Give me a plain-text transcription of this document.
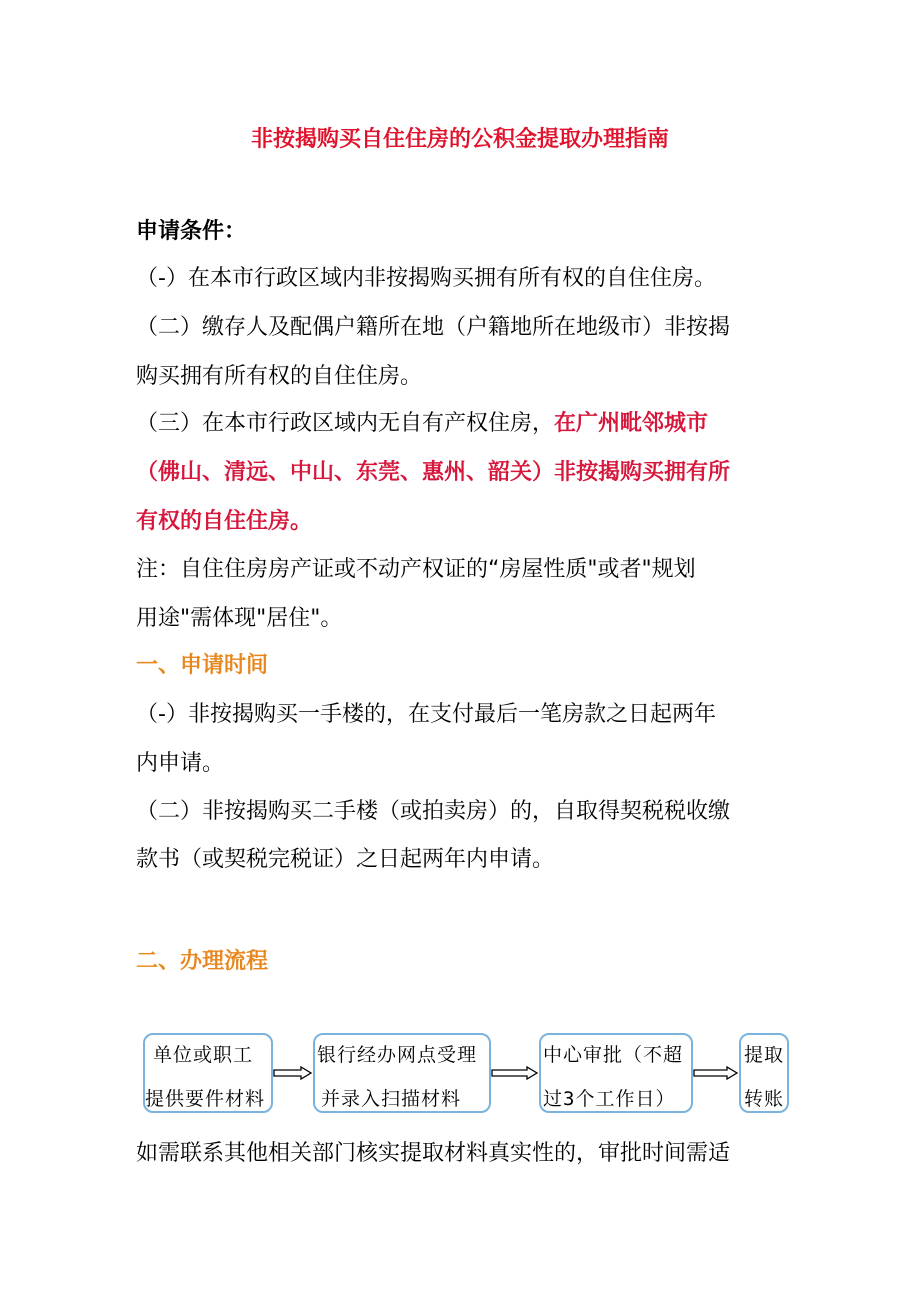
非按揭购买自住住房的公积金提取办理指南

申请条件：

（-）在本市行政区域内非按揭购买拥有所有权的自住住房。

（二）缴存人及配偶户籍所在地（户籍地所在地级市）非按揭

购买拥有所有权的自住住房。

（三）在本市行政区域内无自有产权住房，在广州毗邻城市

（佛山、清远、中山、东莞、惠州、韶关）非按揭购买拥有所

有权的自住住房。

注：自住住房房产证或不动产权证的“房屋性质"或者"规划

用途"需体现"居住"。

一、申请时间

（-）非按揭购买一手楼的，在支付最后一笔房款之日起两年

内申请。

（二）非按揭购买二手楼（或拍卖房）的，自取得契税税收缴

款书（或契税完税证）之日起两年内申请。

二、办理流程

单位或职工
提供要件材料
银行经办网点受理
并录入扫描材料
中心审批（不超
过3个工作日）
提取
转账

如需联系其他相关部门核实提取材料真实性的，审批时间需适
